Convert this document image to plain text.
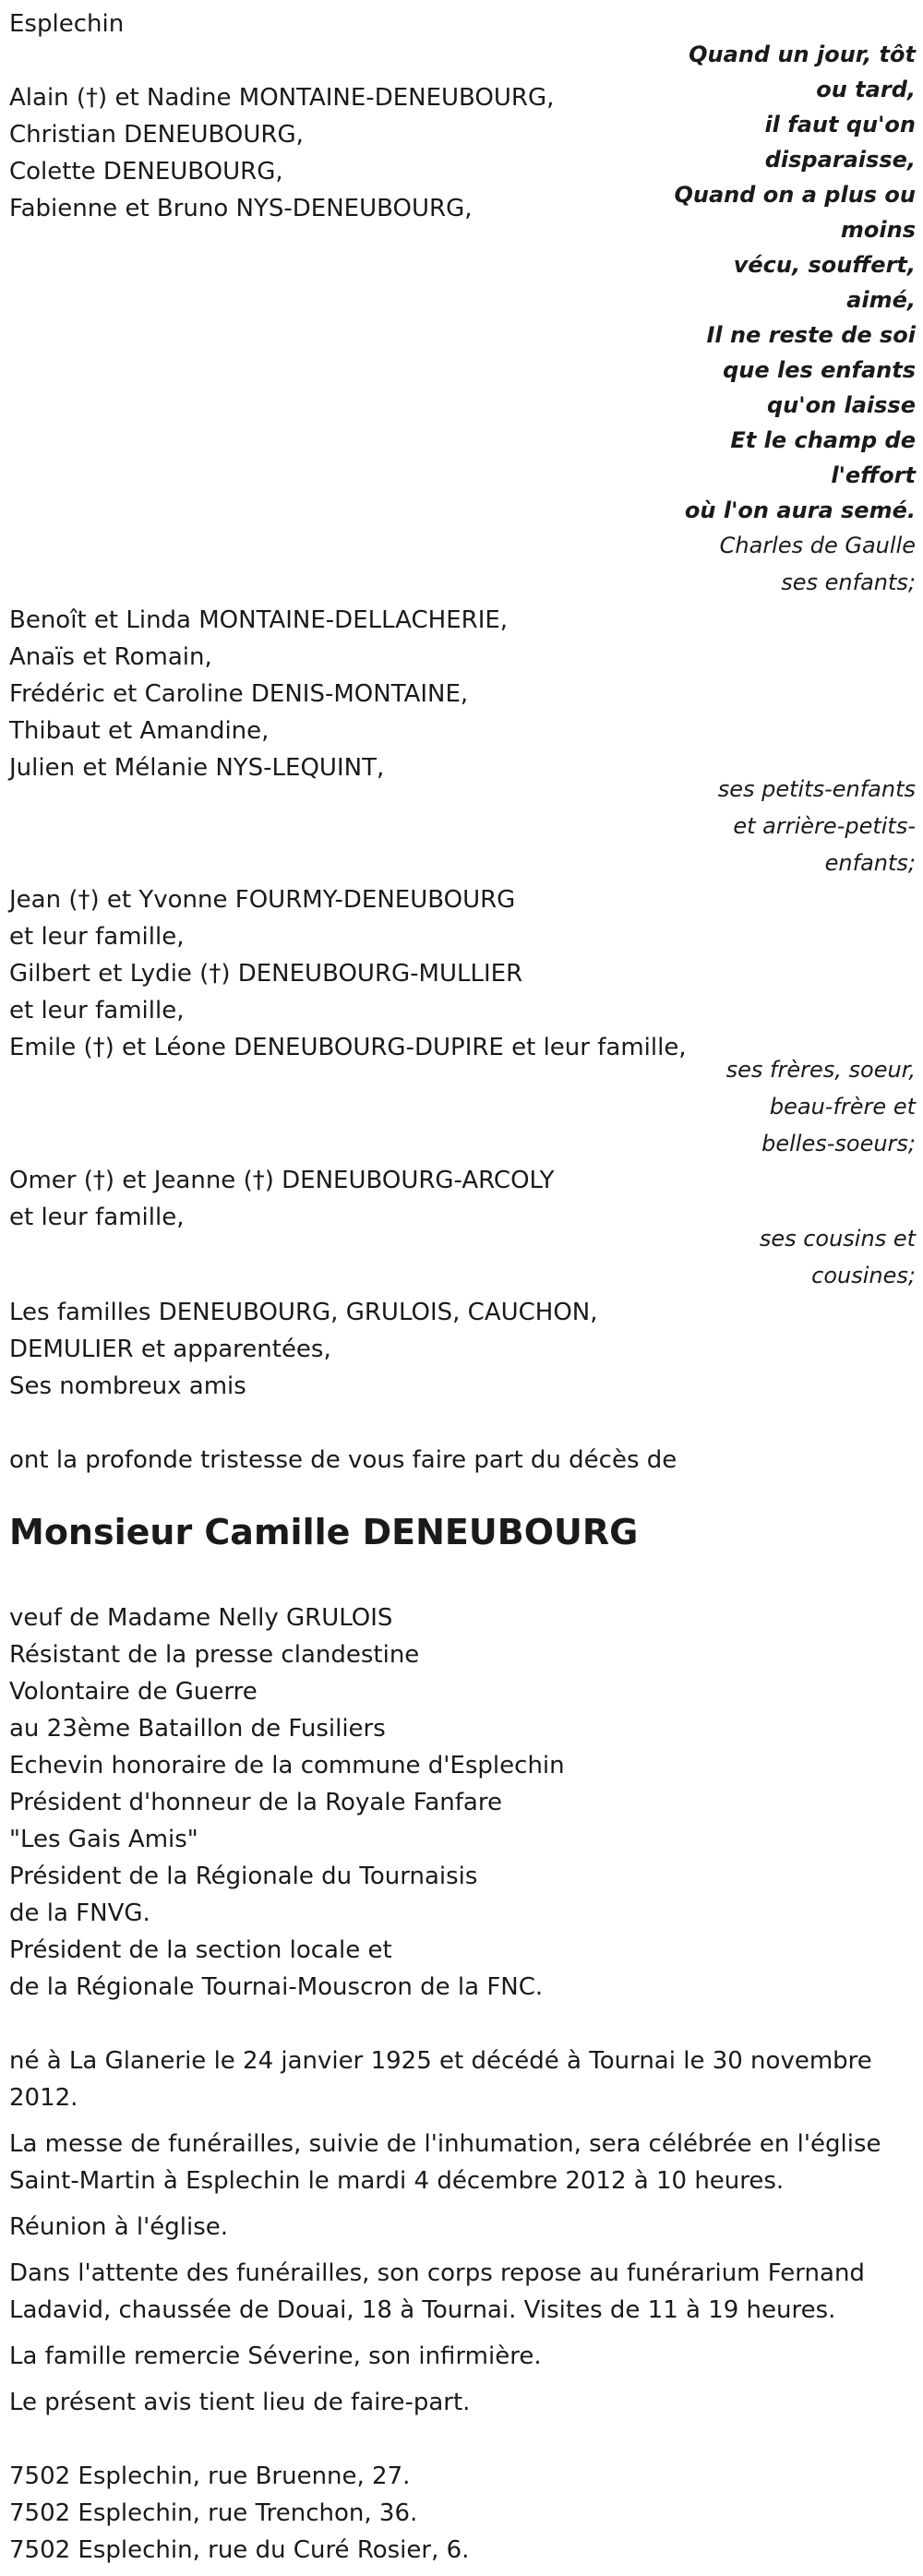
Esplechin

Quand un jour, tôt
ou tard,
il faut qu'on
disparaisse,
Quand on a plus ou
moins
vécu, souffert,
aimé,
Il ne reste de soi
que les enfants
qu'on laisse
Et le champ de
l'effort
où l'on aura semé.
Charles de Gaulle

Alain (†) et Nadine MONTAINE-DENEUBOURG,

Christian DENEUBOURG,

Colette DENEUBOURG,

Fabienne et Bruno NYS-DENEUBOURG,

ses enfants;

Benoît et Linda MONTAINE-DELLACHERIE,

Anaïs et Romain,

Frédéric et Caroline DENIS-MONTAINE,

Thibaut et Amandine,

Julien et Mélanie NYS-LEQUINT,

ses petits-enfants
et arrière-petits-
enfants;

Jean (†) et Yvonne FOURMY-DENEUBOURG

et leur famille,

Gilbert et Lydie (†) DENEUBOURG-MULLIER

et leur famille,

Emile (†) et Léone DENEUBOURG-DUPIRE et leur famille,

ses frères, soeur,
beau-frère et
belles-soeurs;

Omer (†) et Jeanne (†) DENEUBOURG-ARCOLY

et leur famille,

ses cousins et
cousines;

Les familles DENEUBOURG, GRULOIS, CAUCHON,

DEMULIER et apparentées,

Ses nombreux amis

ont la profonde tristesse de vous faire part du décès de

Monsieur Camille DENEUBOURG

veuf de Madame Nelly GRULOIS

Résistant de la presse clandestine

Volontaire de Guerre

au 23ème Bataillon de Fusiliers

Echevin honoraire de la commune d'Esplechin

Président d'honneur de la Royale Fanfare

"Les Gais Amis"

Président de la Régionale du Tournaisis

de la FNVG.

Président de la section locale et

de la Régionale Tournai-Mouscron de la FNC.

né à La Glanerie le 24 janvier 1925 et décédé à Tournai le 30 novembre

2012.

La messe de funérailles, suivie de l'inhumation, sera célébrée en l'église

Saint-Martin à Esplechin le mardi 4 décembre 2012 à 10 heures.

Réunion à l'église.

Dans l'attente des funérailles, son corps repose au funérarium Fernand

Ladavid, chaussée de Douai, 18 à Tournai. Visites de 11 à 19 heures.

La famille remercie Séverine, son infirmière.

Le présent avis tient lieu de faire-part.

7502 Esplechin, rue Bruenne, 27.

7502 Esplechin, rue Trenchon, 36.

7502 Esplechin, rue du Curé Rosier, 6.
